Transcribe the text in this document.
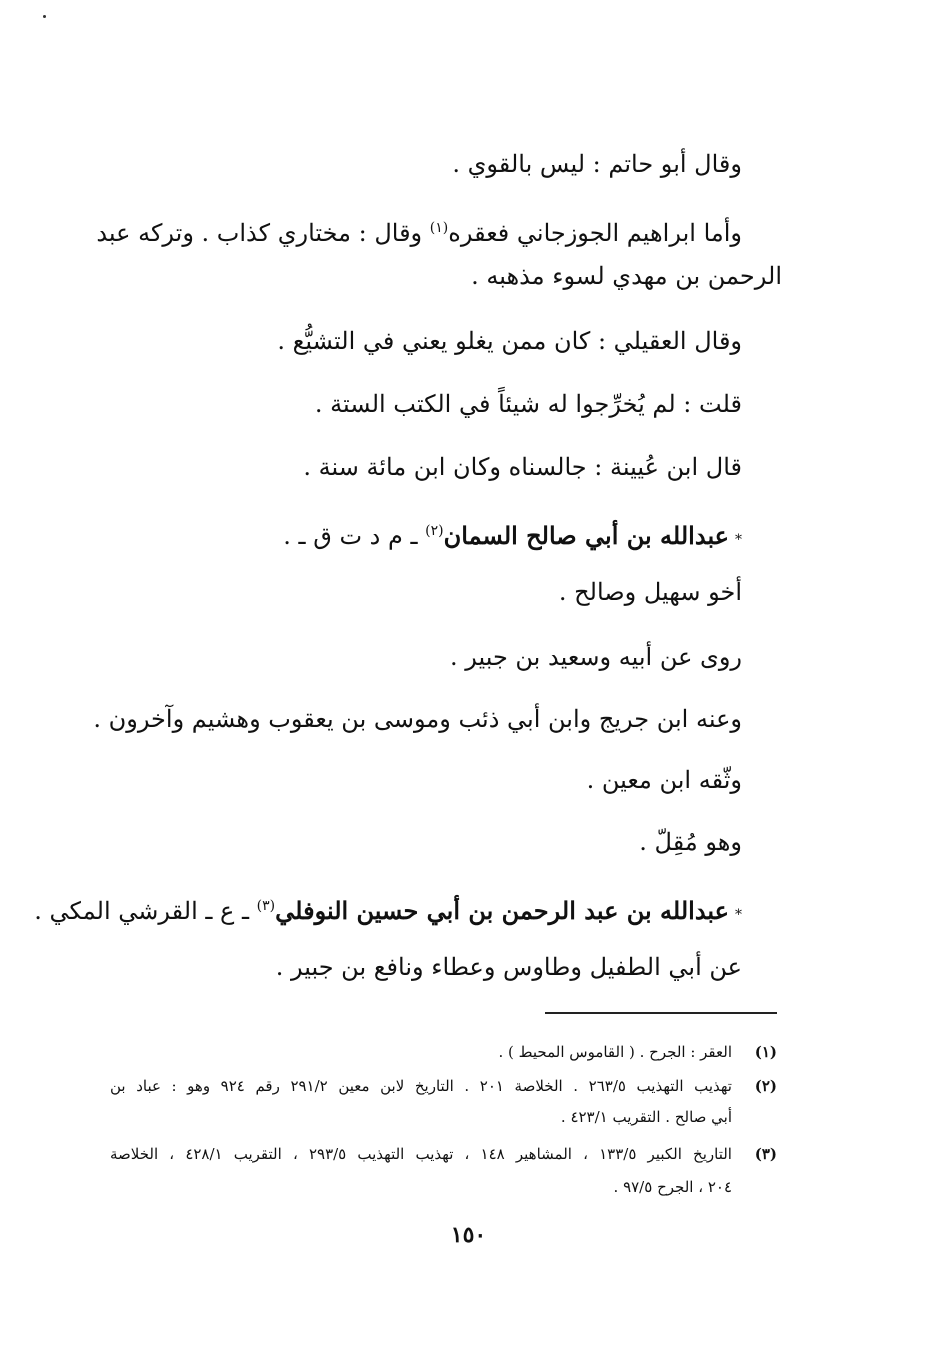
وقال أبو حاتم : ليس بالقوي .
وأما ابراهيم الجوزجاني فعقره$^{(١)}$ وقال : مختاري كذاب . وتركه عبد
الرحمن بن مهدي لسوء مذهبه .
وقال العقيلي : كان ممن يغلو يعني في التشيُّع .
قلت : لم يُخرِّجوا له شيئاً في الكتب الستة .
قال ابن عُيينة : جالسناه وكان ابن مائة سنة .
*عبدالله بن أبي صالح السمان$^{(٢)}$ ـ م د ت ق ـ .
أخو سهيل وصالح .
روى عن أبيه وسعيد بن جبير .
وعنه ابن جريج وابن أبي ذئب وموسى بن يعقوب وهشيم وآخرون .
وثّقه ابن معين .
وهو مُقِلّ .
*عبدالله بن عبد الرحمن بن أبي حسين النوفلي$^{(٣)}$ ـ ع ـ القرشي المكي .
عن أبي الطفيل وطاوس وعطاء ونافع بن جبير .
(١)
العقر : الجرح . ( القاموس المحيط ) .
(٢)
تهذيب التهذيب ٢٦٣/٥ . الخلاصة ٢٠١ . التاريخ لابن معين ٢٩١/٢ رقم ٩٢٤ وهو : عباد بن
أبي صالح . التقريب ٤٢٣/١ .
(٣)
التاريخ الكبير ١٣٣/٥ ، المشاهير ١٤٨ ، تهذيب التهذيب ٢٩٣/٥ ، التقريب ٤٢٨/١ ، الخلاصة
٢٠٤ ، الجرح ٩٧/٥ .
١٥٠
